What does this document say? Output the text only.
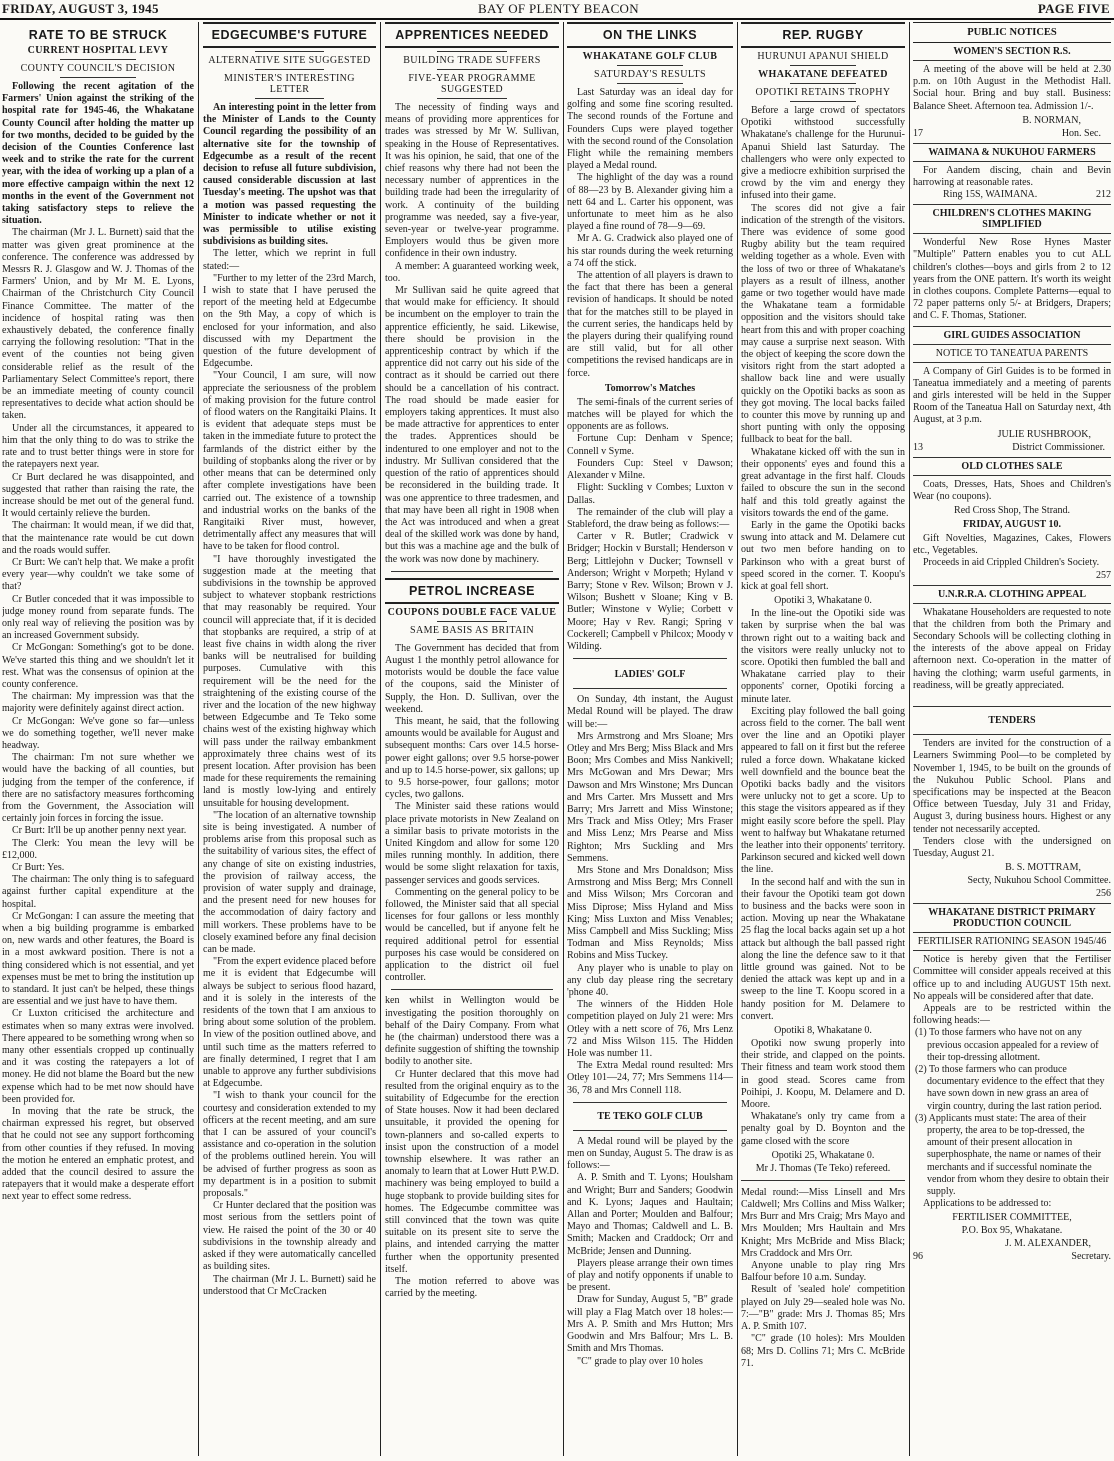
FRIDAY, AUGUST 3, 1945	BAY OF PLENTY BEACON	PAGE FIVE
RATE TO BE STRUCK
CURRENT HOSPITAL LEVY
COUNTY COUNCIL'S DECISION

Following the recent agitation of the Farmers' Union against the striking of the hospital rate for 1945-46, the Whakatane County Council after holding the matter up for two months, decided to be guided by the decision of the Counties Conference last week and to strike the rate for the current year, with the idea of working up a plan of a more effective campaign within the next 12 months in the event of the Government not taking satisfactory steps to relieve the situation.

The chairman (Mr J. L. Burnett) said that the matter was given great prominence at the conference. The conference was addressed by Messrs R. J. Glasgow and W. J. Thomas of the Farmers' Union, and by Mr M. E. Lyons, Chairman of the Christchurch City Council Finance Committee. The matter of the incidence of hospital rating was then exhaustively debated, the conference finally carrying the following resolution: "That in the event of the counties not being given considerable relief as the result of the Parliamentary Select Committee's report, there be an immediate meeting of county council representatives to decide what action should be taken.

Under all the circumstances, it appeared to him that the only thing to do was to strike the rate and to trust better things were in store for the ratepayers next year.

Cr Burt declared he was disappointed, and suggested that rather than raising the rate, the increase should be met out of the general fund. It would certainly relieve the burden.

The chairman: It would mean, if we did that, that the maintenance rate would be cut down and the roads would suffer.

Cr Burt: We can't help that. We make a profit every year—why couldn't we take some of that?

Cr Butler conceded that it was impossible to judge money round from separate funds. The only real way of relieving the position was by an increased Government subsidy.

Cr McGongan: Something's got to be done. We've started this thing and we shouldn't let it rest. What was the consensus of opinion at the county conference.

The chairman: My impression was that the majority were definitely against direct action.

Cr McGongan: We've gone so far—unless we do something together, we'll never make headway.

The chairman: I'm not sure whether we would have the backing of all counties, but judging from the temper of the conference, if there are no satisfactory measures forthcoming from the Government, the Association will certainly join forces in forcing the issue.

Cr Burt: It'll be up another penny next year.

The Clerk: You mean the levy will be £12,000.

Cr Burt: Yes.

The chairman: The only thing is to safeguard against further capital expenditure at the hospital.

Cr McGongan: I can assure the meeting that when a big building programme is embarked on, new wards and other features, the Board is in a most awkward position. There is not a thing considered which is not essential, and yet expenses must be met to bring the institution up to standard. It just can't be helped, these things are essential and we just have to have them.

Cr Luxton criticised the architecture and estimates when so many extras were involved. There appeared to be something wrong when so many other essentials cropped up continually and it was costing the ratepayers a lot of money. He did not blame the Board but the new expense which had to be met now should have been provided for.

In moving that the rate be struck, the chairman expressed his regret, but observed that he could not see any support forthcoming from other counties if they refused. In moving the motion he entered an emphatic protest, and added that the council desired to assure the ratepayers that it would make a desperate effort next year to effect some redress.

EDGECUMBE'S FUTURE
ALTERNATIVE SITE SUGGESTED
MINISTER'S INTERESTING LETTER

An interesting point in the letter from the Minister of Lands to the County Council regarding the possibility of an alternative site for the township of Edgecumbe as a result of the recent decision to refuse all future subdivision, caused considerable discussion at last Tuesday's meeting. The upshot was that a motion was passed requesting the Minister to indicate whether or not it was permissible to utilise existing subdivisions as building sites.

The letter, which we reprint in full stated:—

"Further to my letter of the 23rd March, I wish to state that I have perused the report of the meeting held at Edgecumbe on the 9th May, a copy of which is enclosed for your information, and also discussed with my Department the question of the future development of Edgecumbe.

"Your Council, I am sure, will now appreciate the seriousness of the problem of making provision for the future control of flood waters on the Rangitaiki Plains. It is evident that adequate steps must be taken in the immediate future to protect the farmlands of the district either by the building of stopbanks along the river or by other means that can be determined only after complete investigations have been carried out. The existence of a township and industrial works on the banks of the Rangitaiki River must, however, detrimentally affect any measures that will have to be taken for flood control.

"I have thoroughly investigated the suggestion made at the meeting that subdivisions in the township be approved subject to whatever stopbank restrictions that may reasonably be required. Your council will appreciate that, if it is decided that stopbanks are required, a strip of at least five chains in width along the river banks will be neutralised for building purposes. Cumulative with this requirement will be the need for the straightening of the existing course of the river and the location of the new highway between Edgecumbe and Te Teko some chains west of the existing highway which will pass under the railway embankment approximately three chains west of its present location. After provision has been made for these requirements the remaining land is mostly low-lying and entirely unsuitable for housing development.

"The location of an alternative township site is being investigated. A number of problems arise from this proposal such as the suitability of various sites, the effect of any change of site on existing industries, the provision of railway access, the provision of water supply and drainage, and the present need for new houses for the accommodation of dairy factory and mill workers. These problems have to be closely examined before any final decision can be made.

"From the expert evidence placed before me it is evident that Edgecumbe will always be subject to serious flood hazard, and it is solely in the interests of the residents of the town that I am anxious to bring about some solution of the problem. In view of the position outlined above, and until such time as the matters referred to are finally determined, I regret that I am unable to approve any further subdivisions at Edgecumbe.

"I wish to thank your council for the courtesy and consideration extended to my officers at the recent meeting, and am sure that I can be assured of your council's assistance and co-operation in the solution of the problems outlined herein. You will be advised of further progress as soon as my department is in a position to submit proposals."

Cr Hunter declared that the position was most serious from the settlers point of view. He raised the point of the 30 or 40 subdivisions in the township already and asked if they were automatically cancelled as building sites.

The chairman (Mr J. L. Burnett) said he understood that Cr McCracken

APPRENTICES NEEDED
BUILDING TRADE SUFFERS
FIVE-YEAR PROGRAMME SUGGESTED

The necessity of finding ways and means of providing more apprentices for trades was stressed by Mr W. Sullivan, speaking in the House of Representatives. It was his opinion, he said, that one of the chief reasons why there had not been the necessary number of apprentices in the building trade had been the irregularity of work. A continuity of the building programme was needed, say a five-year, seven-year or twelve-year programme. Employers would thus be given more confidence in their own industry.

A member: A guaranteed working week, too.

Mr Sullivan said he quite agreed that that would make for efficiency. It should be incumbent on the employer to train the apprentice efficiently, he said. Likewise, there should be provision in the apprenticeship contract by which if the apprentice did not carry out his side of the contract as it should be carried out there should be a cancellation of his contract. The road should be made easier for employers taking apprentices. It must also be made attractive for apprentices to enter the trades. Apprentices should be indentured to one employer and not to the industry. Mr Sullivan considered that the question of the ratio of apprentices should be reconsidered in the building trade. It was one apprentice to three tradesmen, and that may have been all right in 1908 when the Act was introduced and when a great deal of the skilled work was done by hand, but this was a machine age and the bulk of the work was now done by machinery.

PETROL INCREASE
COUPONS DOUBLE FACE VALUE
SAME BASIS AS BRITAIN

The Government has decided that from August 1 the monthly petrol allowance for motorists would be double the face value of the coupons, said the Minister of Supply, the Hon. D. Sullivan, over the weekend.

This meant, he said, that the following amounts would be available for August and subsequent months: Cars over 14.5 horse-power eight gallons; over 9.5 horse-power and up to 14.5 horse-power, six gallons; up to 9.5 horse-power, four gallons; motor cycles, two gallons.

The Minister said these rations would place private motorists in New Zealand on a similar basis to private motorists in the United Kingdom and allow for some 120 miles running monthly. In addition, there would be some slight relaxation for taxis, passenger services and goods services.

Commenting on the general policy to be followed, the Minister said that all special licenses for four gallons or less monthly would be cancelled, but if anyone felt he required additional petrol for essential purposes his case would be considered on application to the district oil fuel controller.

ken whilst in Wellington would be investigating the position thoroughly on behalf of the Dairy Company. From what he (the chairman) understood there was a definite suggestion of shifting the township bodily to another site.

Cr Hunter declared that this move had resulted from the original enquiry as to the suitability of Edgecumbe for the erection of State houses. Now it had been declared unsuitable, it provided the opening for town-planners and so-called experts to insist upon the construction of a model township elsewhere. It was rather an anomaly to learn that at Lower Hutt P.W.D. machinery was being employed to build a huge stopbank to provide building sites for homes. The Edgecumbe committee was still convinced that the town was quite suitable on its present site to serve the plains, and intended carrying the matter further when the opportunity presented itself.

The motion referred to above was carried by the meeting.

ON THE LINKS
WHAKATANE GOLF CLUB
SATURDAY'S RESULTS

Last Saturday was an ideal day for golfing and some fine scoring resulted. The second rounds of the Fortune and Founders Cups were played together with the second round of the Consolation Flight while the remaining members played a Medal round.

The highlight of the day was a round of 88—23 by B. Alexander giving him a nett 64 and L. Carter his opponent, was unfortunate to meet him as he also played a fine round of 78—9—69.

Mr A. G. Cradwick also played one of his star rounds during the week returning a 74 off the stick.

The attention of all players is drawn to the fact that there has been a general revision of handicaps. It should be noted that for the matches still to be played in the current series, the handicaps held by the players during their qualifying round are still valid, but for all other competitions the revised handicaps are in force.

Tomorrow's Matches

The semi-finals of the current series of matches will be played for which the opponents are as follows.

Fortune Cup: Denham v Spence; Connell v Syme.

Founders Cup: Steel v Dawson; Alexander v Milne.

Flight: Suckling v Combes; Luxton v Dallas.

The remainder of the club will play a Stableford, the draw being as follows:—

Carter v R. Butler; Cradwick v Bridger; Hockin v Burstall; Henderson v Berg; Littlejohn v Ducker; Townsell v Anderson; Wright v Morpeth; Hyland v Barry; Stone v Rev. Wilson; Brown v J. Wilson; Bushett v Sloane; King v B. Butler; Winstone v Wylie; Corbett v Moore; Hay v Rev. Rangi; Spring v Cockerell; Campbell v Philcox; Moody v Wilding.

LADIES' GOLF

On Sunday, 4th instant, the August Medal Round will be played. The draw will be:—

Mrs Armstrong and Mrs Sloane; Mrs Otley and Mrs Berg; Miss Black and Mrs Boon; Mrs Combes and Miss Nankivell; Mrs McGowan and Mrs Dewar; Mrs Dawson and Mrs Winstone; Mrs Duncan and Mrs Carter. Mrs Mussett and Mrs Barry; Mrs Jarrett and Miss Winstone; Mrs Track and Miss Otley; Mrs Fraser and Miss Lenz; Mrs Pearse and Miss Righton; Mrs Suckling and Mrs Semmens.

Mrs Stone and Mrs Donaldson; Miss Armstrong and Miss Berg; Mrs Connell and Miss Wilson; Mrs Corcoran and Miss Diprose; Miss Hyland and Miss King; Miss Luxton and Miss Venables; Miss Campbell and Miss Suckling; Miss Todman and Miss Reynolds; Miss Robins and Miss Tuckey.

Any player who is unable to play on any club day please ring the secretary 'phone 40.

The winners of the Hidden Hole competition played on July 21 were: Mrs Otley with a nett score of 76, Mrs Lenz 72 and Miss Wilson 115. The Hidden Hole was number 11.

The Extra Medal round resulted: Mrs Otley 101—24, 77; Mrs Semmens 114—36, 78 and Mrs Connell 118.

TE TEKO GOLF CLUB

A Medal round will be played by the men on Sunday, August 5. The draw is as follows:—

A. P. Smith and T. Lyons; Houlsham and Wright; Burr and Sanders; Goodwin and K. Lyons; Jaques and Haultain; Allan and Porter; Moulden and Balfour; Mayo and Thomas; Caldwell and L. B. Smith; Macken and Craddock; Orr and McBride; Jensen and Dunning.

Players please arrange their own times of play and notify opponents if unable to be present.

Draw for Sunday, August 5, "B" grade will play a Flag Match over 18 holes:—Mrs A. P. Smith and Mrs Hutton; Mrs Goodwin and Mrs Balfour; Mrs L. B. Smith and Mrs Thomas.

"C" grade to play over 10 holes

REP. RUGBY
HURUNUI APANUI SHIELD
WHAKATANE DEFEATED
OPOTIKI RETAINS TROPHY

Before a large crowd of spectators Opotiki withstood successfully Whakatane's challenge for the Hurunui-Apanui Shield last Saturday. The challengers who were only expected to give a mediocre exhibition surprised the crowd by the vim and energy they infused into their game.

The scores did not give a fair indication of the strength of the visitors. There was evidence of some good Rugby ability but the team required welding together as a whole. Even with the loss of two or three of Whakatane's players as a result of illness, another game or two together would have made the Whakatane team a formidable opposition and the visitors should take heart from this and with proper coaching may cause a surprise next season. With the object of keeping the score down the visitors right from the start adopted a shallow back line and were usually quickly on the Opotiki backs as soon as they got moving. The local backs failed to counter this move by running up and short punting with only the opposing fullback to beat for the ball.

Whakatane kicked off with the sun in their opponents' eyes and found this a great advantage in the first half. Clouds failed to obscure the sun in the second half and this told greatly against the visitors towards the end of the game.

Early in the game the Opotiki backs swung into attack and M. Delamere cut out two men before handing on to Parkinson who with a great burst of speed scored in the corner. T. Koopu's kick at goal fell short.

Opotiki 3, Whakatane 0.

In the line-out the Opotiki side was taken by surprise when the bal was thrown right out to a waiting back and the visitors were really unlucky not to score. Opotiki then fumbled the ball and Whakatane carried play to their opponents' corner, Opotiki forcing a minute later.

Exciting play followed the ball going across field to the corner. The ball went over the line and an Opotiki player appeared to fall on it first but the referee ruled a force down. Whakatane kicked well downfield and the bounce beat the Opotiki backs badly and the visitors were unlucky not to get a score. Up to this stage the visitors appeared as if they might easily score before the spell. Play went to halfway but Whakatane returned the leather into their opponents' territory. Parkinson secured and kicked well down the line.

In the second half and with the sun in their favour the Opotiki team got down to business and the backs were soon in action. Moving up near the Whakatane 25 flag the local backs again set up a hot attack but although the ball passed right along the line the defence saw to it that little ground was gained. Not to be denied the attack was kept up and in a sweep to the line T. Koopu scored in a handy position for M. Delamere to convert.

Opotiki 8, Whakatane 0.

Opotiki now swung properly into their stride, and clapped on the points. Their fitness and team work stood them in good stead. Scores came from Poihipi, J. Koopu, M. Delamere and D. Moore.

Whakatane's only try came from a penalty goal by D. Boynton and the game closed with the score

Opotiki 25, Whakatane 0.
Mr J. Thomas (Te Teko) refereed.

Medal round:—Miss Linsell and Mrs Caldwell; Mrs Collins and Miss Walker; Mrs Burr and Mrs Craig; Mrs Mayo and Mrs Moulden; Mrs Haultain and Mrs Knight; Mrs McBride and Miss Black; Mrs Craddock and Mrs Orr.

Anyone unable to play ring Mrs Balfour before 10 a.m. Sunday.

Result of 'sealed hole' competition played on July 29—sealed hole was No. 7:—"B" grade: Mrs J. Thomas 85; Mrs A. P. Smith 107.

"C" grade (10 holes): Mrs Moulden 68; Mrs D. Collins 71; Mrs C. McBride 71.

PUBLIC NOTICES
WOMEN'S SECTION R.S.

A meeting of the above will be held at 2.30 p.m. on 10th August in the Methodist Hall. Social hour. Bring and buy stall. Business: Balance Sheet. Afternoon tea. Admission 1/-.

B. NORMAN,
17	Hon. Sec.
WAIMANA & NUKUHOU FARMERS

For Aandem discing, chain and Bevin harrowing at reasonable rates.

Ring 15S, WAIMANA.	212
CHILDREN'S CLOTHES MAKING SIMPLIFIED

Wonderful New Rose Hynes Master "Multiple" Pattern enables you to cut ALL children's clothes—boys and girls from 2 to 12 years from the ONE pattern. It's worth its weight in clothes coupons. Complete Patterns—equal to 72 paper patterns only 5/- at Bridgers, Drapers; and C. F. Thomas, Stationer.

GIRL GUIDES ASSOCIATION
NOTICE TO TANEATUA PARENTS

A Company of Girl Guides is to be formed in Taneatua immediately and a meeting of parents and girls interested will be held in the Supper Room of the Taneatua Hall on Saturday next, 4th August, at 3 p.m.

JULIE RUSHBROOK,
13	District Commissioner.
OLD CLOTHES SALE

Coats, Dresses, Hats, Shoes and Children's Wear (no coupons).

Red Cross Shop, The Strand.
FRIDAY, AUGUST 10.

Gift Novelties, Magazines, Cakes, Flowers etc., Vegetables.

Proceeds in aid Crippled Children's Society.

257
U.N.R.R.A. CLOTHING APPEAL

Whakatane Householders are requested to note that the children from both the Primary and Secondary Schools will be collecting clothing in the interests of the above appeal on Friday afternoon next. Co-operation in the matter of having the clothing; warm useful garments, in readiness, will be greatly appreciated.

TENDERS

Tenders are invited for the construction of a Learners Swimming Pool—to be completed by November 1, 1945, to be built on the grounds of the Nukuhou Public School. Plans and specifications may be inspected at the Beacon Office between Tuesday, July 31 and Friday, August 3, during business hours. Highest or any tender not necessarily accepted.

Tenders close with the undersigned on Tuesday, August 21.

B. S. MOTTRAM,
Secty, Nukuhou School Committee.
256
WHAKATANE DISTRICT PRIMARY PRODUCTION COUNCIL
FERTILISER RATIONING SEASON 1945/46

Notice is hereby given that the Fertiliser Committee will consider appeals received at this office up to and including AUGUST 15th next. No appeals will be considered after that date.

Appeals are to be restricted within the following heads:—

(1) To those farmers who have not on any previous occasion appealed for a review of their top-dressing allotment.

(2) To those farmers who can produce documentary evidence to the effect that they have sown down in new grass an area of virgin country, during the last ration period.

(3) Applicants must state: The area of their property, the area to be top-dressed, the amount of their present allocation in superphosphate, the name or names of their merchants and if successful nominate the vendor from whom they desire to obtain their supply.

Applications to be addressed to:

FERTILISER COMMITTEE,
P.O. Box 95, Whakatane.
J. M. ALEXANDER,
96	Secretary.
